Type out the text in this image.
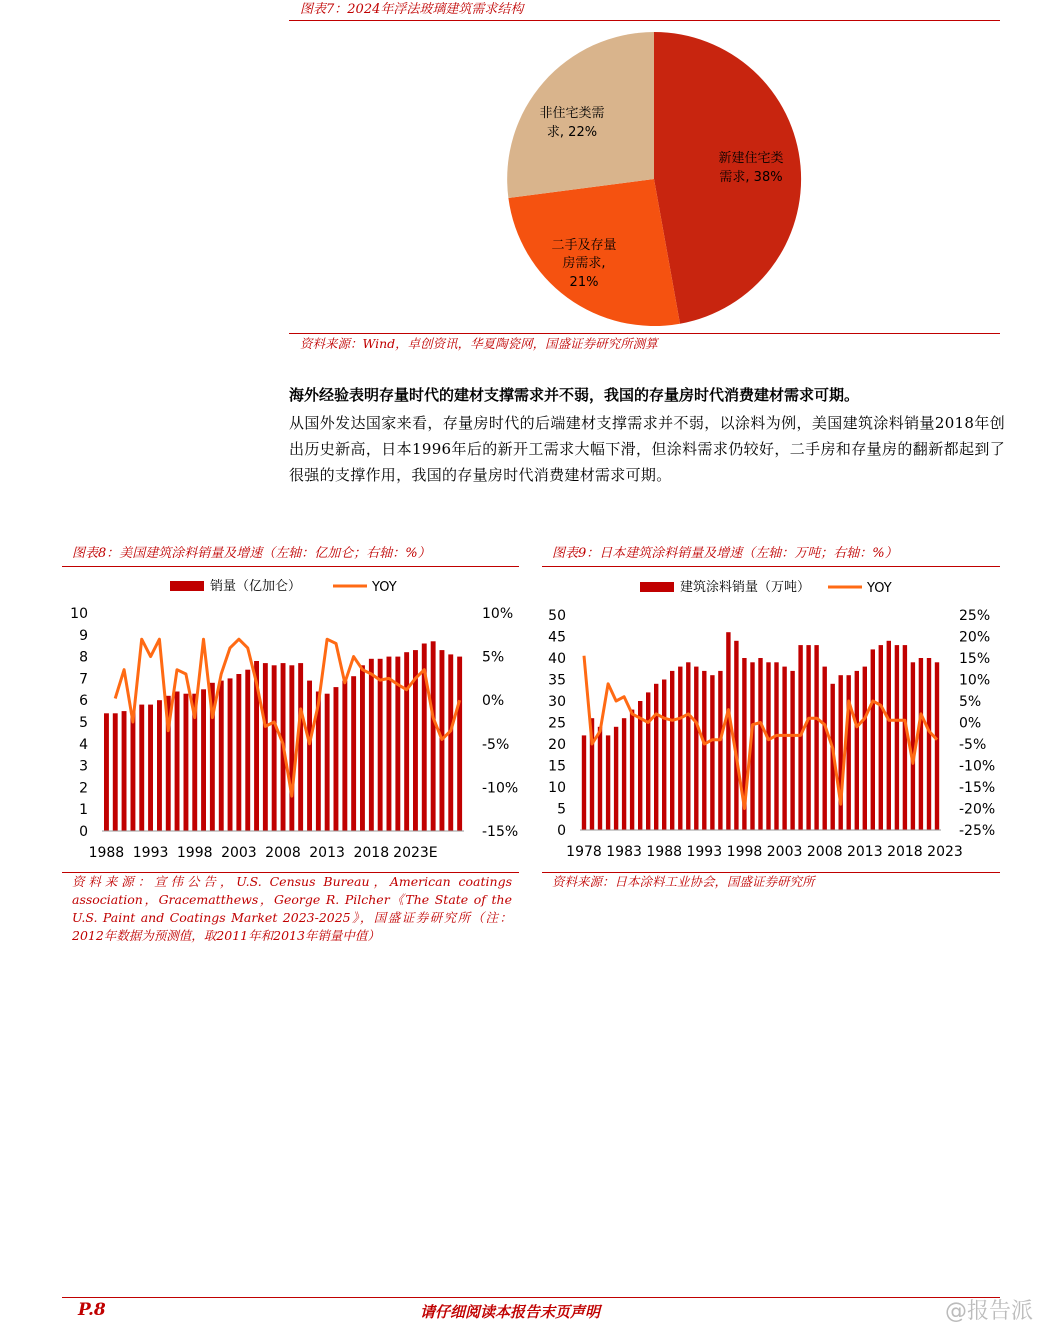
图表7：2024年浮法玻璃建筑需求结构
新建住宅类
需求, 38%
二手及存量
房需求,
21%
非住宅类需
求, 22%
资料来源：Wind，卓创资讯，华夏陶瓷网，国盛证券研究所测算
海外经验表明存量时代的建材支撑需求并不弱，我国的存量房时代消费建材需求可期。
从国外发达国家来看，存量房时代的后端建材支撑需求并不弱，以涂料为例，美国建筑涂料销量2018年创出历史新高，日本1996年后的新开工需求大幅下滑，但涂料需求仍较好，二手房和存量房的翻新都起到了很强的支撑作用，我国的存量房时代消费建材需求可期。
图表8：美国建筑涂料销量及增速（左轴：亿加仑；右轴：%）
销量（亿加仑）	YOY
0
1
2
3
4
5
6
7
8
9
10
-15%
-10%
-5%
0%
5%
10%
1988 1993 1998 2003 2008 2013 2018 2023E
资料来源：宣伟公告，U.S. Census Bureau，American coatings association，Gracematthews，George R. Pilcher《The State of the U.S. Paint and Coatings Market 2023-2025》，国盛证券研究所（注：2012年数据为预测值，取2011年和2013年销量中值）
图表9：日本建筑涂料销量及增速（左轴：万吨；右轴：%）
建筑涂料销量（万吨）	YOY
0
5
10
15
20
25
30
35
40
45
50
-25%
-20%
-15%
-10%
-5%
0%
5%
10%
15%
20%
25%
1978 1983 1988 1993 1998 2003 2008 2013 2018 2023
资料来源：日本涂料工业协会，国盛证券研究所
P.8	请仔细阅读本报告末页声明	@报告派
